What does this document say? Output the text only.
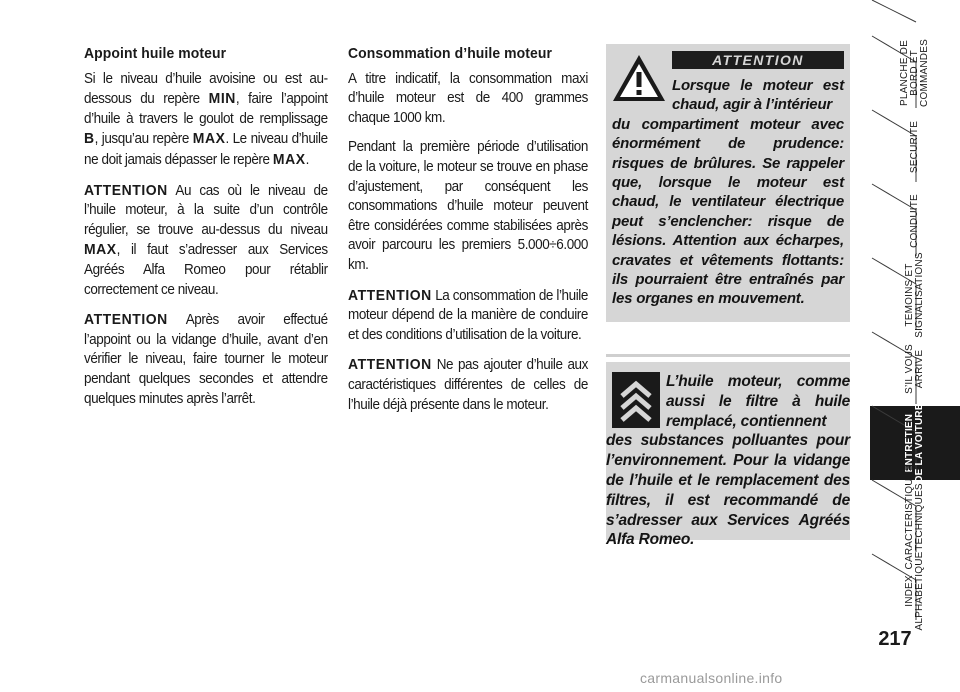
Appoint huile moteur

Si le niveau d’huile avoisine ou est au-dessous du repère MIN, faire l’appoint d’huile à travers le goulot de remplissage B, jusqu’au repère MAX. Le niveau d’huile ne doit jamais dépasser le repère MAX.

ATTENTION Au cas où le niveau de l’huile moteur, à la suite d’un contrôle régulier, se trouve au-dessus du niveau MAX, il faut s’adresser aux Services Agréés Alfa Romeo pour rétablir correctement ce niveau.

ATTENTION Après avoir effectué l’appoint ou la vidange d’huile, avant d’en vérifier le niveau, faire tourner le moteur pendant quelques secondes et attendre quelques minutes après l’arrêt.

Consommation d’huile moteur

A titre indicatif, la consommation maxi d’huile moteur est de 400 grammes chaque 1000 km.

Pendant la première période d’utilisation de la voiture, le moteur se trouve en phase d’ajustement, par conséquent les consommations d’huile moteur peuvent être considérées comme stabilisées après avoir parcouru les premiers 5.000÷6.000 km.

ATTENTION La consommation de l’huile moteur dépend de la manière de conduire et des conditions d’utilisation de la voiture.

ATTENTION Ne pas ajouter d’huile aux caractéristiques différentes de celles de l’huile déjà présente dans le moteur.

ATTENTION
Lorsque le moteur est chaud, agir à l’intérieur
du compartiment moteur avec énormément de prudence: risques de brûlures. Se rappeler que, lorsque le moteur est chaud, le ventilateur électrique peut s’enclencher: risque de lésions. Attention aux écharpes, cravates et vêtements flottants: ils pourraient être entraînés par les organes en mouvement.
L’huile moteur, comme aussi le filtre à huile remplacé, contiennent
des substances polluantes pour l’environnement. Pour la vidange de l’huile et le remplacement des filtres, il est recommandé de s’adresser aux Services Agréés Alfa Romeo.
PLANCHE DE
BORD ET
COMMANDES
SECURITE
CONDUITE
TEMOINS ET
SIGNALISATIONS
S’IL VOUS
ARRIVE
ENTRETIEN
DE LA VOITURE
CARACTERISTIQUES
TECHNIQUES
INDEX
ALPHABETIQUE
217
carmanualsonline.info
